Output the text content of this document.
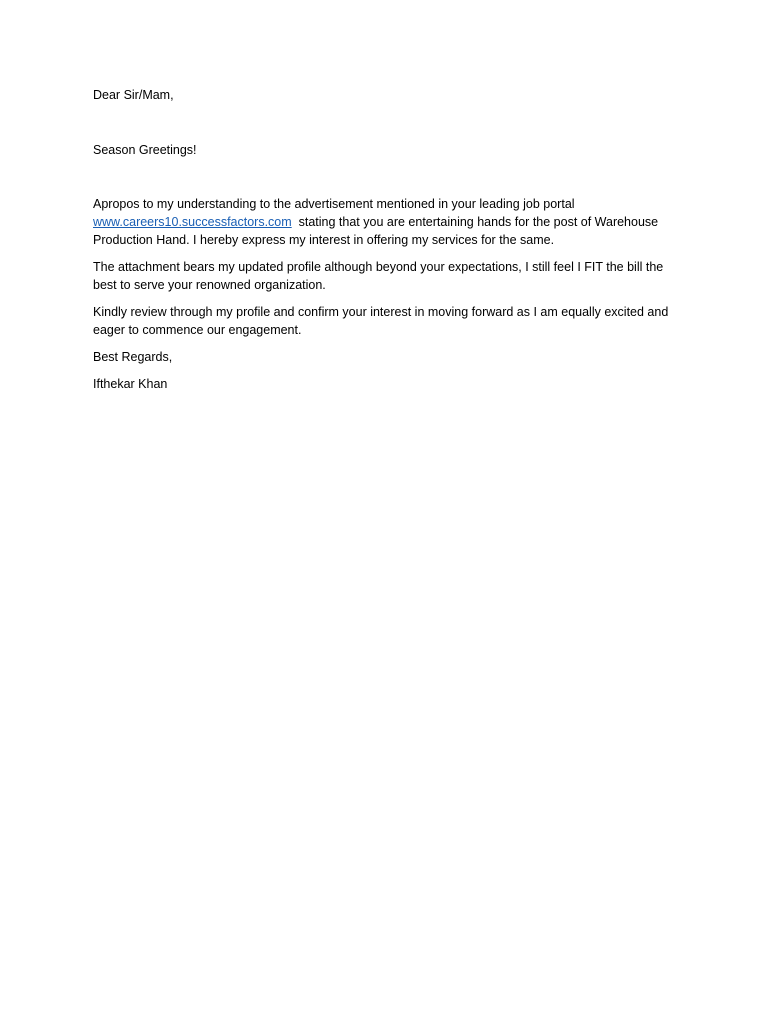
Dear Sir/Mam,

Season Greetings!

Apropos to my understanding to the advertisement mentioned in your leading job portal www.careers10.successfactors.com  stating that you are entertaining hands for the post of Warehouse Production Hand. I hereby express my interest in offering my services for the same.

The attachment bears my updated profile although beyond your expectations, I still feel I FIT the bill the best to serve your renowned organization.

Kindly review through my profile and confirm your interest in moving forward as I am equally excited and eager to commence our engagement.

Best Regards,

Ifthekar Khan
